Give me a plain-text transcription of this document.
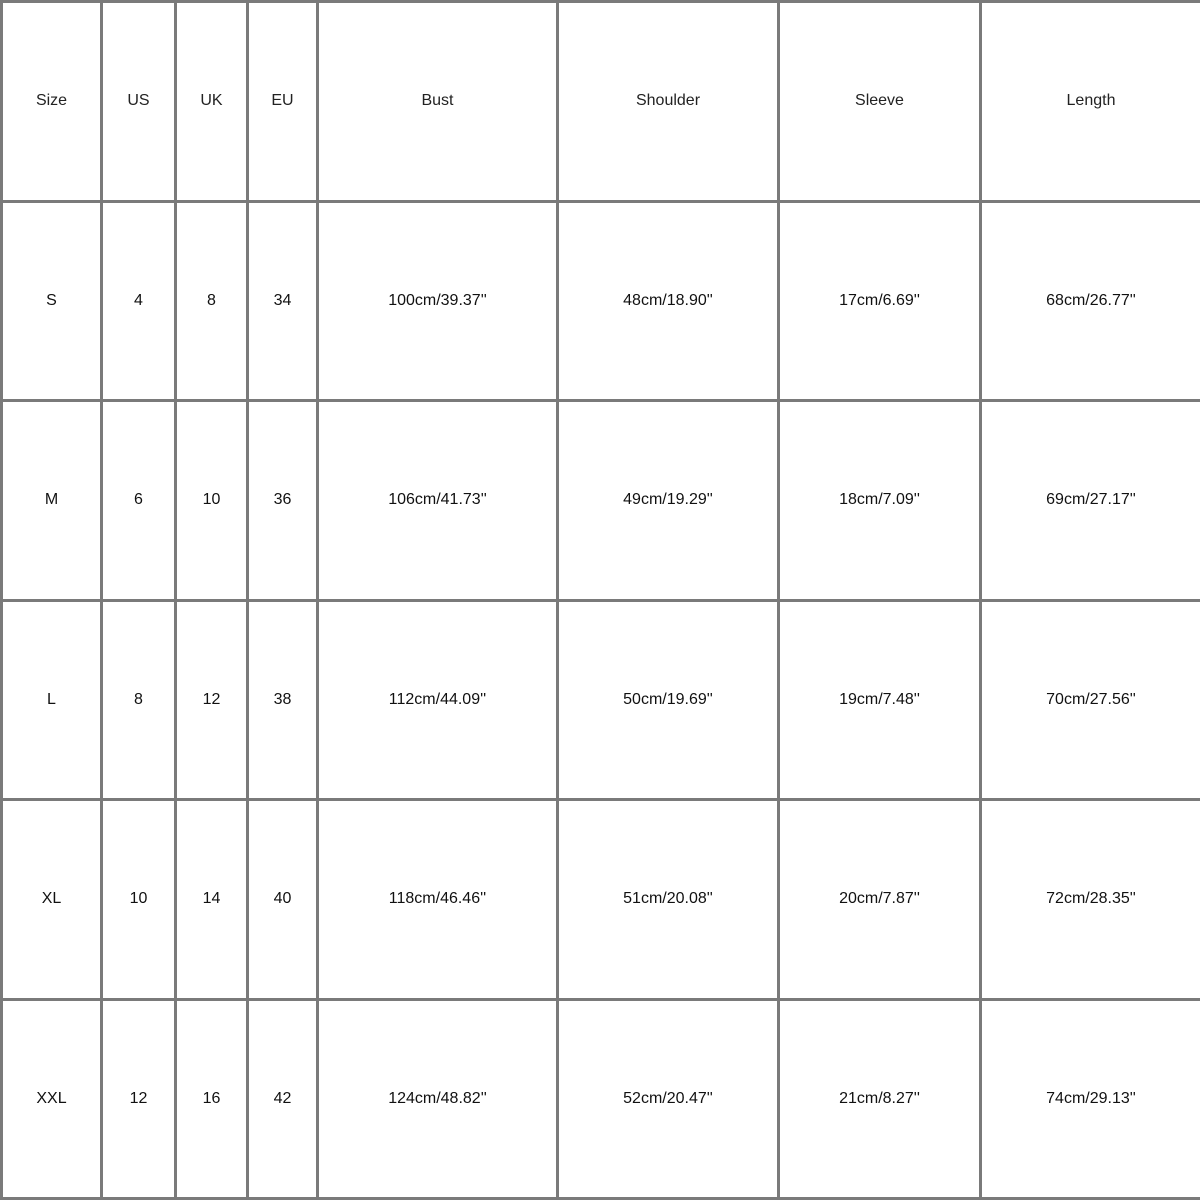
Size	US	UK	EU	Bust	Shoulder	Sleeve	Length
S	4	8	34	100cm/39.37''	48cm/18.90''	17cm/6.69''	68cm/26.77''
M	6	10	36	106cm/41.73''	49cm/19.29''	18cm/7.09''	69cm/27.17''
L	8	12	38	112cm/44.09''	50cm/19.69''	19cm/7.48''	70cm/27.56''
XL	10	14	40	118cm/46.46''	51cm/20.08''	20cm/7.87''	72cm/28.35''
XXL	12	16	42	124cm/48.82''	52cm/20.47''	21cm/8.27''	74cm/29.13''
